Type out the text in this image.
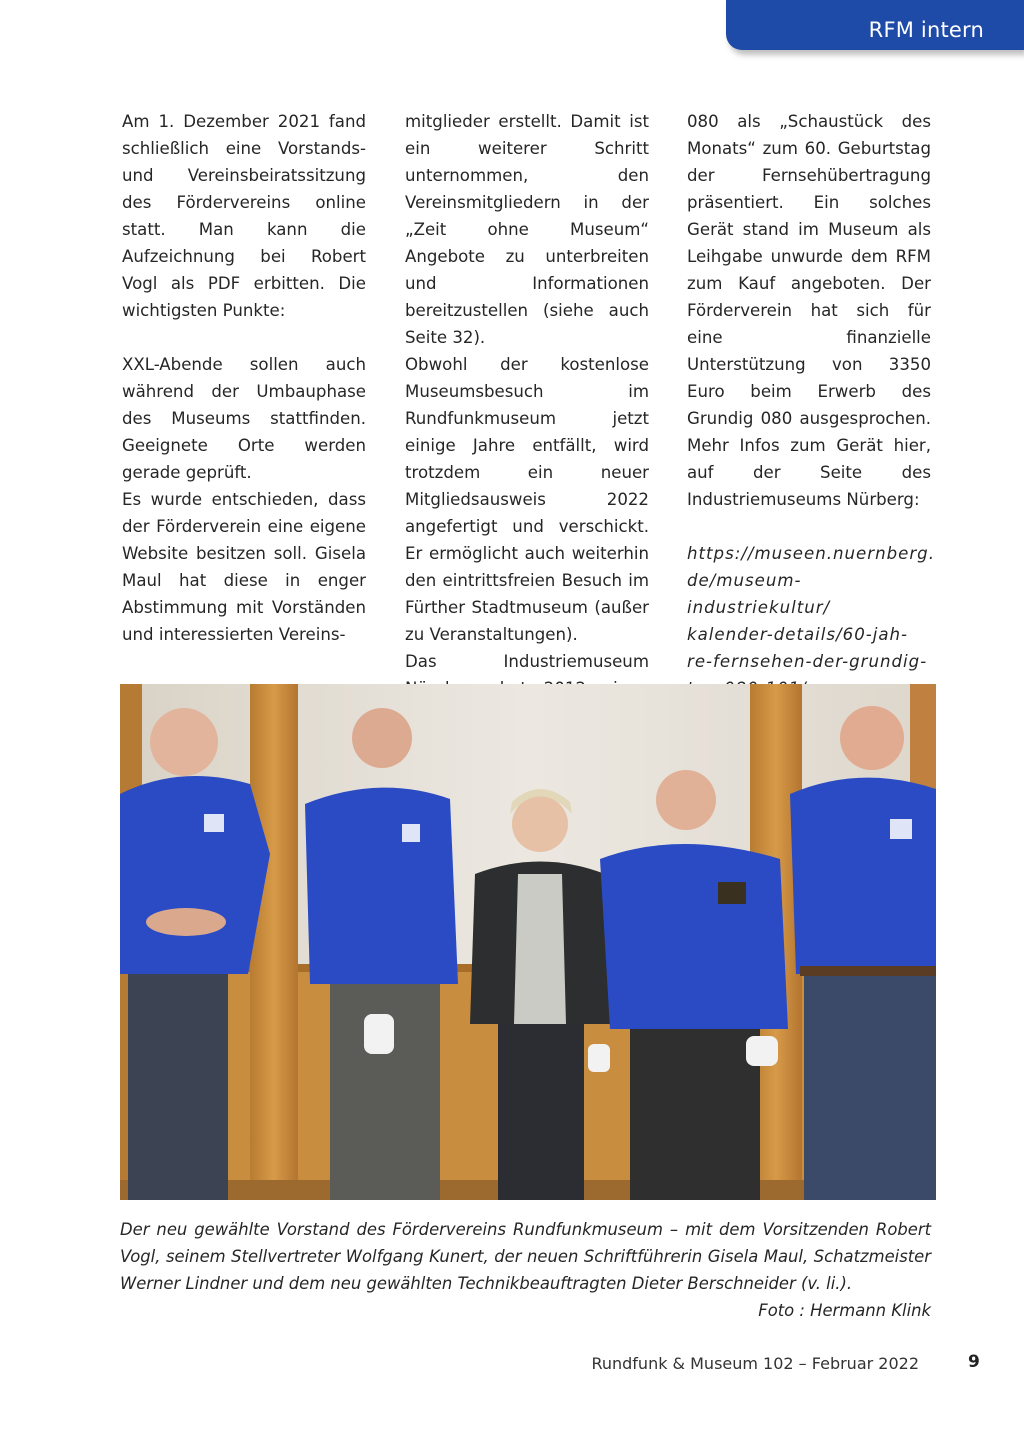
RFM intern

Am 1. Dezember 2021 fand schließlich eine Vorstands- und Vereinsbeiratssitzung des Fördervereins online statt. Man kann die Aufzeichnung bei Robert Vogl als PDF erbitten. Die wichtigsten Punkte:

XXL-Abende sollen auch während der Umbauphase des Museums stattfinden. Geeignete Orte werden gerade geprüft.

Es wurde entschieden, dass der Förderverein eine eigene Website besitzen soll. Gisela Maul hat diese in enger Abstimmung mit Vorständen und interessierten Vereins-

mitglieder erstellt. Damit ist ein weiterer Schritt unternommen, den Vereinsmitgliedern in der „Zeit ohne Museum“ Angebote zu unterbreiten und Informationen bereitzustellen (siehe auch Seite 32).

Obwohl der kostenlose Museumsbesuch im Rundfunkmuseum jetzt einige Jahre entfällt, wird trotzdem ein neuer Mitgliedsausweis 2022 angefertigt und verschickt. Er ermöglicht auch weiterhin den eintrittsfreien Besuch im Fürther Stadtmuseum (außer zu Veranstaltungen).

Das Industriemuseum

080 als „Schaustück des Monats“ zum 60. Geburtstag der Fernsehübertragung präsentiert. Ein solches Gerät stand im Museum als Leihgabe unwurde dem RFM zum Kauf angeboten. Der Förderverein hat sich für eine finanzielle Unterstützung von 3350 Euro beim Erwerb des Grundig 080 ausgesprochen. Mehr Infos zum Gerät hier, auf der Seite des Industriemuseums Nürberg:

https://museen.nuernberg.
de/museum-industriekultur/
kalender-details/60-jah-
re-fernsehen-der-grundig-
Der neu gewählte Vorstand des Fördervereins Rundfunkmuseum – mit dem Vorsitzenden Robert Vogl, seinem Stellvertreter Wolfgang Kunert, der neuen Schriftführerin Gisela Maul, Schatzmeister Werner Lindner und dem neu gewählten Technikbeauftragten Dieter Berschneider (v. li.).
Foto : Hermann Klink
Rundfunk & Museum 102 – Februar 2022	9
